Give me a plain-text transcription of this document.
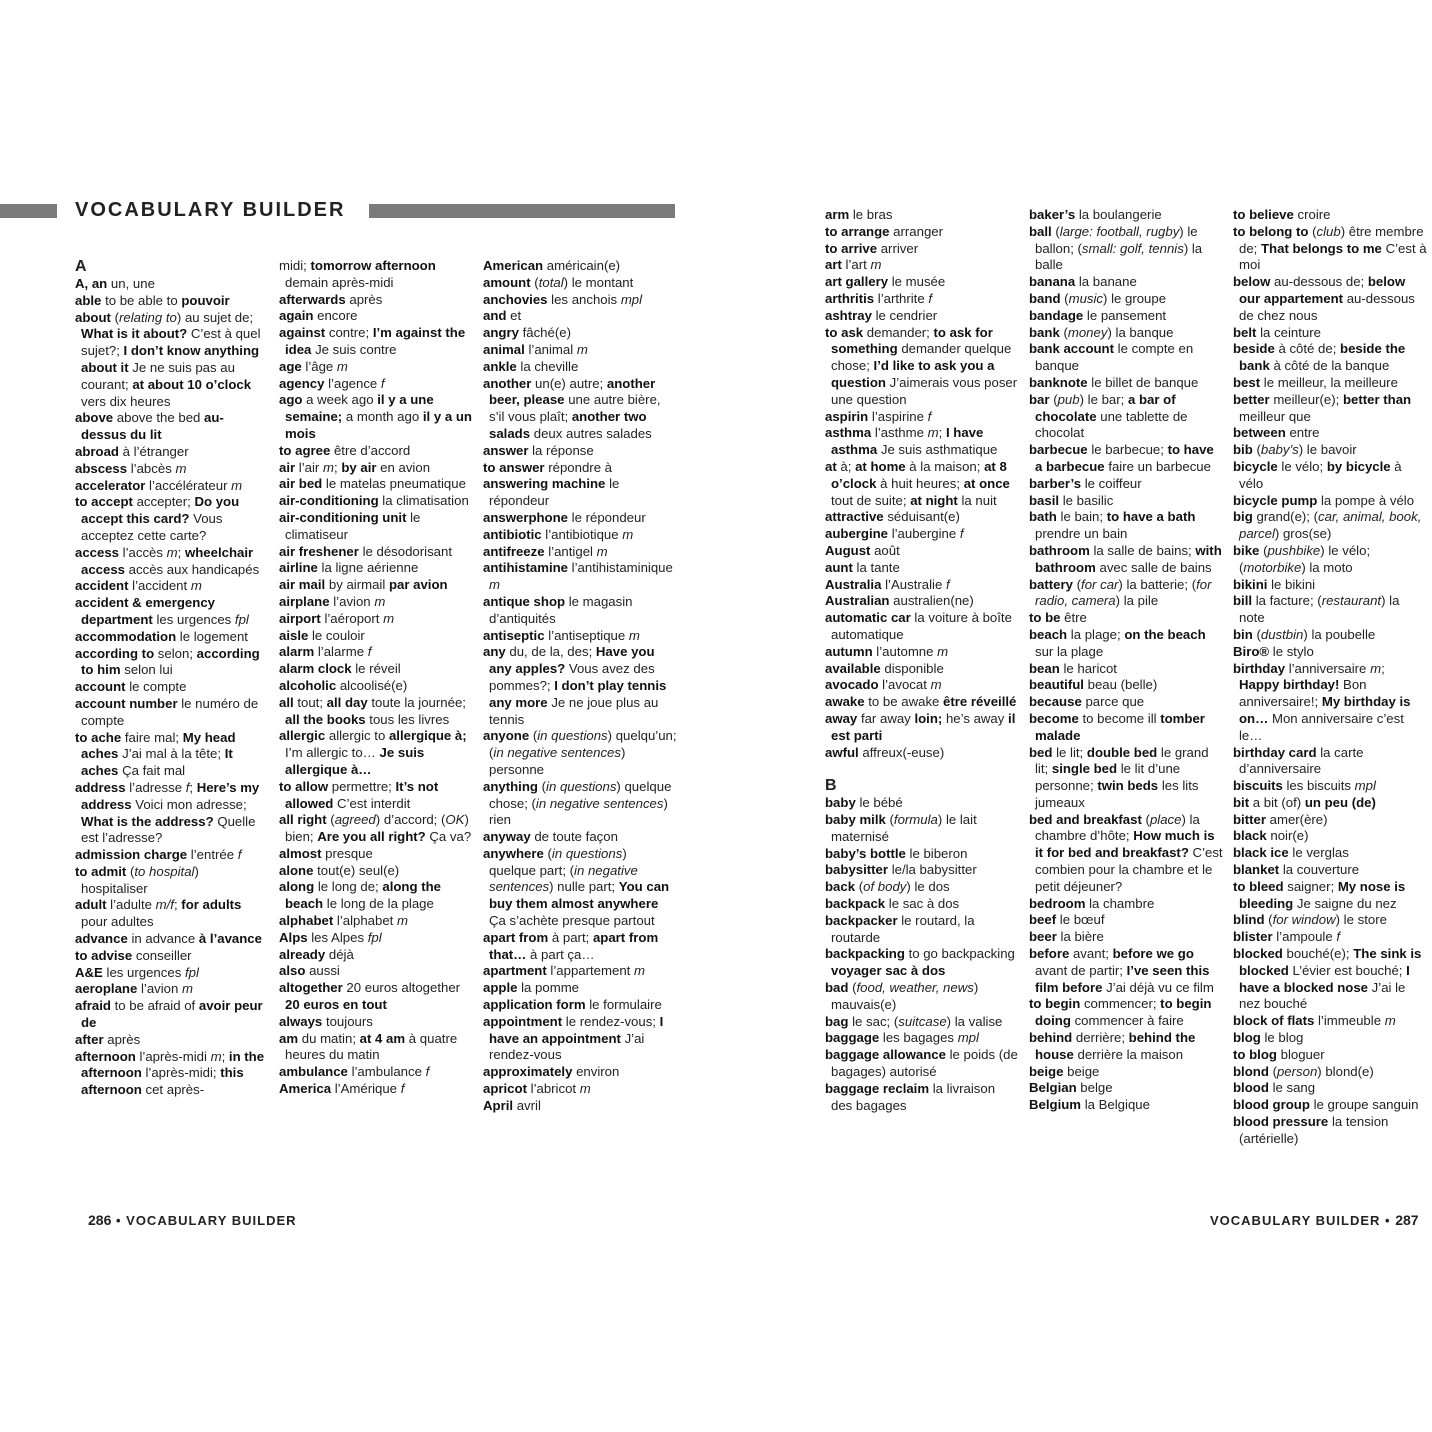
VOCABULARY BUILDER

A

A, an un, une

able to be able to pouvoir

about (relating to) au sujet de; What is it about? C’est à quel sujet?; I don’t know anything about it Je ne suis pas au courant; at about 10 o’clock vers dix heures

above above the bed au-dessus du lit

abroad à l’étranger

abscess l’abcès m

accelerator l’accélérateur m

to accept accepter; Do you accept this card? Vous acceptez cette carte?

access l’accès m; wheelchair access accès aux handicapés

accident l’accident m

accident & emergency department les urgences fpl

accommodation le logement

according to selon; according to him selon lui

account le compte

account number le numéro de compte

to ache faire mal; My head aches J’ai mal à la tête; It aches Ça fait mal

address l’adresse f; Here’s my address Voici mon adresse; What is the address? Quelle est l’adresse?

admission charge l’entrée f

to admit (to hospital) hospitaliser

adult l’adulte m/f; for adults pour adultes

advance in advance à l’avance

to advise conseiller

A&E les urgences fpl

aeroplane l’avion m

afraid to be afraid of avoir peur de

after après

afternoon l’après-midi m; in the afternoon l’après-midi; this afternoon cet après-

midi; tomorrow afternoon demain après-midi

afterwards après

again encore

against contre; I’m against the idea Je suis contre

age l’âge m

agency l’agence f

ago a week ago il y a une semaine; a month ago il y a un mois

to agree être d’accord

air l’air m; by air en avion

air bed le matelas pneumatique

air-conditioning la climatisation

air-conditioning unit le climatiseur

air freshener le désodorisant

airline la ligne aérienne

air mail by airmail par avion

airplane l’avion m

airport l’aéroport m

aisle le couloir

alarm l’alarme f

alarm clock le réveil

alcoholic alcoolisé(e)

all tout; all day toute la journée; all the books tous les livres

allergic allergic to allergique à; I’m allergic to… Je suis allergique à…

to allow permettre; It’s not allowed C’est interdit

all right (agreed) d’accord; (OK) bien; Are you all right? Ça va?

almost presque

alone tout(e) seul(e)

along le long de; along the beach le long de la plage

alphabet l’alphabet m

Alps les Alpes fpl

already déjà

also aussi

altogether 20 euros altogether 20 euros en tout

always toujours

am du matin; at 4 am à quatre heures du matin

ambulance l’ambulance f

America l’Amérique f

American américain(e)

amount (total) le montant

anchovies les anchois mpl

and et

angry fâché(e)

animal l’animal m

ankle la cheville

another un(e) autre; another beer, please une autre bière, s’il vous plaît; another two salads deux autres salades

answer la réponse

to answer répondre à

answering machine le répondeur

answerphone le répondeur

antibiotic l’antibiotique m

antifreeze l’antigel m

antihistamine l’antihistaminique m

antique shop le magasin d’antiquités

antiseptic l’antiseptique m

any du, de la, des; Have you any apples? Vous avez des pommes?; I don’t play tennis any more Je ne joue plus au tennis

anyone (in questions) quelqu’un; (in negative sentences) personne

anything (in questions) quelque chose; (in negative sentences) rien

anyway de toute façon

anywhere (in questions) quelque part; (in negative sentences) nulle part; You can buy them almost anywhere Ça s’achète presque partout

apart from à part; apart from that… à part ça…

apartment l’appartement m

apple la pomme

application form le formulaire

appointment le rendez-vous; I have an appointment J’ai rendez-vous

approximately environ

apricot l’abricot m

April avril

arm le bras

to arrange arranger

to arrive arriver

art l’art m

art gallery le musée

arthritis l’arthrite f

ashtray le cendrier

to ask demander; to ask for something demander quelque chose; I’d like to ask you a question J’aimerais vous poser une question

aspirin l’aspirine f

asthma l’asthme m; I have asthma Je suis asthmatique

at à; at home à la maison; at 8 o’clock à huit heures; at once tout de suite; at night la nuit

attractive séduisant(e)

aubergine l’aubergine f

August août

aunt la tante

Australia l’Australie f

Australian australien(ne)

automatic car la voiture à boîte automatique

autumn l’automne m

available disponible

avocado l’avocat m

awake to be awake être réveillé

away far away loin; he’s away il est parti

awful affreux(-euse)

B

baby le bébé

baby milk (formula) le lait maternisé

baby’s bottle le biberon

babysitter le/la babysitter

back (of body) le dos

backpack le sac à dos

backpacker le routard, la routarde

backpacking to go backpacking voyager sac à dos

bad (food, weather, news) mauvais(e)

bag le sac; (suitcase) la valise

baggage les bagages mpl

baggage allowance le poids (de bagages) autorisé

baggage reclaim la livraison des bagages

baker’s la boulangerie

ball (large: football, rugby) le ballon; (small: golf, tennis) la balle

banana la banane

band (music) le groupe

bandage le pansement

bank (money) la banque

bank account le compte en banque

banknote le billet de banque

bar (pub) le bar; a bar of chocolate une tablette de chocolat

barbecue le barbecue; to have a barbecue faire un barbecue

barber’s le coiffeur

basil le basilic

bath le bain; to have a bath prendre un bain

bathroom la salle de bains; with bathroom avec salle de bains

battery (for car) la batterie; (for radio, camera) la pile

to be être

beach la plage; on the beach sur la plage

bean le haricot

beautiful beau (belle)

because parce que

become to become ill tomber malade

bed le lit; double bed le grand lit; single bed le lit d’une personne; twin beds les lits jumeaux

bed and breakfast (place) la chambre d’hôte; How much is it for bed and breakfast? C’est combien pour la chambre et le petit déjeuner?

bedroom la chambre

beef le bœuf

beer la bière

before avant; before we go avant de partir; I’ve seen this film before J’ai déjà vu ce film

to begin commencer; to begin doing commencer à faire

behind derrière; behind the house derrière la maison

beige beige

Belgian belge

Belgium la Belgique

to believe croire

to belong to (club) être membre de; That belongs to me C’est à moi

below au-dessous de; below our appartement au-dessous de chez nous

belt la ceinture

beside à côté de; beside the bank à côté de la banque

best le meilleur, la meilleure

better meilleur(e); better than meilleur que

between entre

bib (baby’s) le bavoir

bicycle le vélo; by bicycle à vélo

bicycle pump la pompe à vélo

big grand(e); (car, animal, book, parcel) gros(se)

bike (pushbike) le vélo; (motorbike) la moto

bikini le bikini

bill la facture; (restaurant) la note

bin (dustbin) la poubelle

Biro® le stylo

birthday l’anniversaire m; Happy birthday! Bon anniversaire!; My birthday is on… Mon anniversaire c’est le…

birthday card la carte d’anniversaire

biscuits les biscuits mpl

bit a bit (of) un peu (de)

bitter amer(ère)

black noir(e)

black ice le verglas

blanket la couverture

to bleed saigner; My nose is bleeding Je saigne du nez

blind (for window) le store

blister l’ampoule f

blocked bouché(e); The sink is blocked L’évier est bouché; I have a blocked nose J’ai le nez bouché

block of flats l’immeuble m

blog le blog

to blog bloguer

blond (person) blond(e)

blood le sang

blood group le groupe sanguin

blood pressure la tension (artérielle)

286 • VOCABULARY BUILDER	VOCABULARY BUILDER • 287
